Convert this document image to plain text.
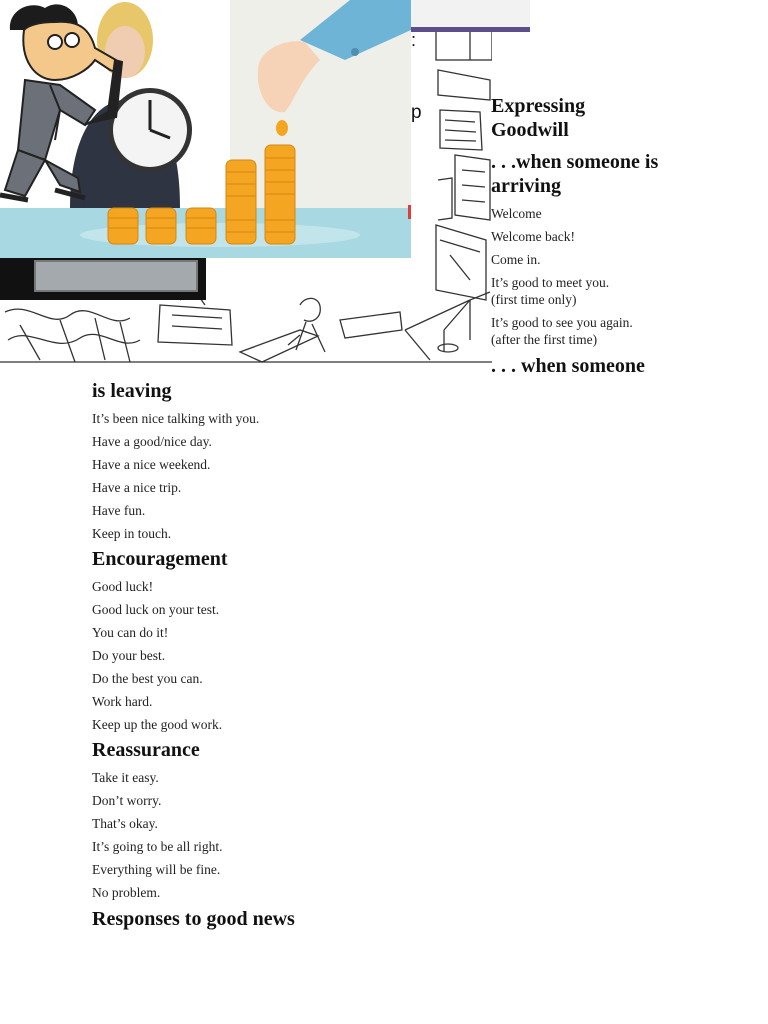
:
p	Expressing Goodwill
. . .when someone is arriving
Welcome
Welcome back!
Come in.
It’s good to meet you.
(first time only)
It’s good to see you again.
(after the first time)
. . . when someone
is leaving
It’s been nice talking with you.
Have a good/nice day.
Have a nice weekend.
Have a nice trip.
Have fun.
Keep in touch.
Encouragement
Good luck!
Good luck on your test.
You can do it!
Do your best.
Do the best you can.
Work hard.
Keep up the good work.
Reassurance
Take it easy.
Don’t worry.
That’s okay.
It’s going to be all right.
Everything will be fine.
No problem.
Responses to good news
